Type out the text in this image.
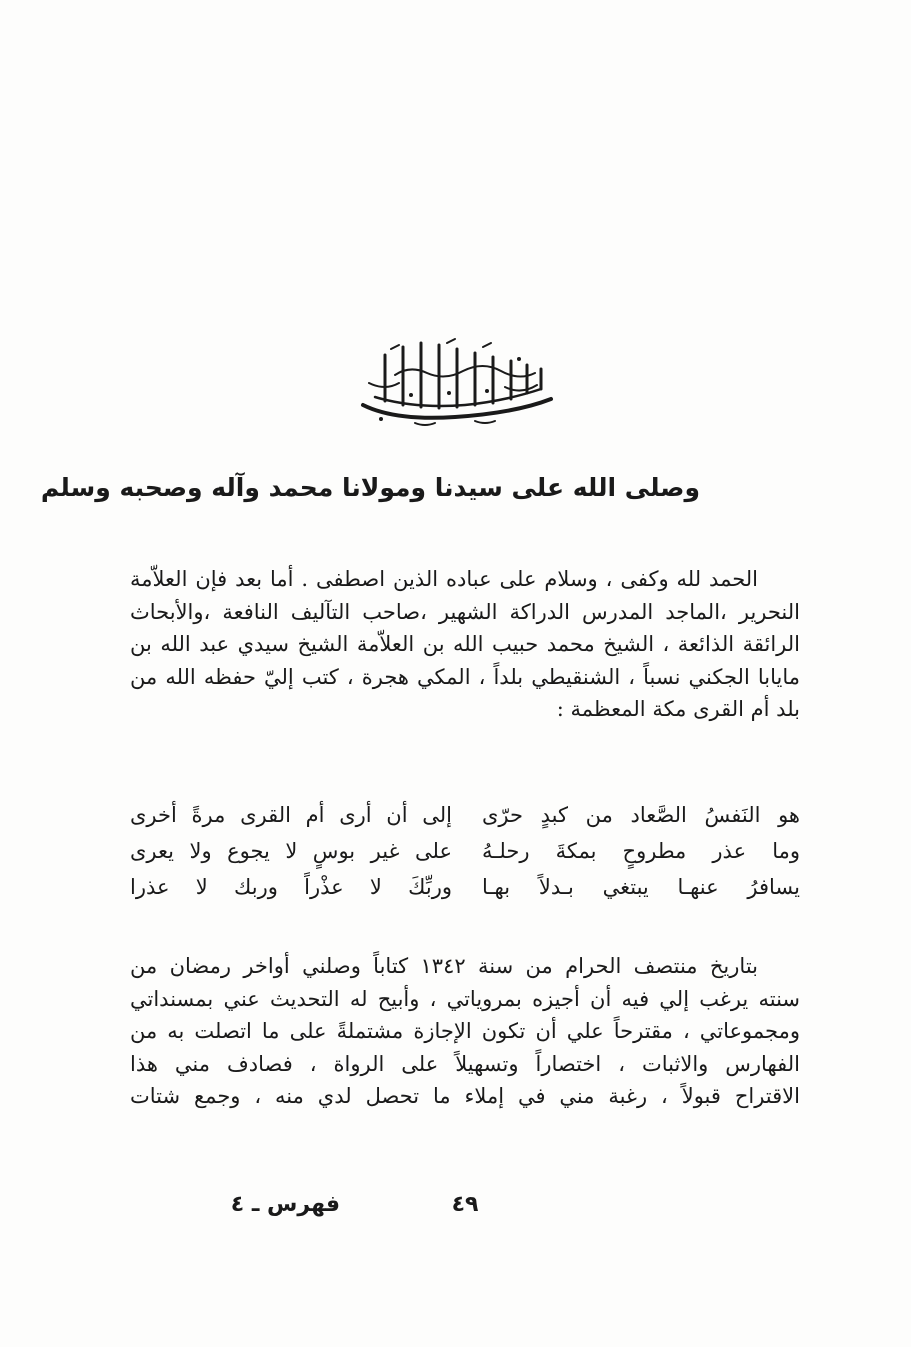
وصلى الله على سيدنا ومولانا محمد وآله وصحبه وسلم
الحمد لله وكفى ، وسلام على عباده الذين اصطفى . أما بعد فإن العلاّمة
النحرير ،الماجد المدرس الدراكة الشهير ،صاحب التآليف النافعة ،والأبحاث
الرائقة الذائعة ، الشيخ محمد حبيب الله بن العلاّمة الشيخ سيدي عبد الله بن
مايابا الجكني نسباً ، الشنقيطي بلداً ، المكي هجرة ، كتب إليّ حفظه الله من
بلد أم القرى مكة المعظمة :
هو النَفسُ الصَّعاد من كبدٍ حرّى
إلى أن أرى أم القرى مرةً أخرى
وما عذر مطروحٍ بمكةَ رحلـهُ
على غير بوسٍ لا يجوع ولا يعرى
يسافرُ عنهـا يبتغي بـدلاً بهـا
وربِّكَ لا عذْراً وربك لا عذرا
بتاريخ منتصف الحرام من سنة ١٣٤٢ كتاباً وصلني أواخر رمضان من
سنته يرغب إلي فيه أن أجيزه بمروياتي ، وأبيح له التحديث عني بمسنداتي
ومجموعاتي ، مقترحاً علي أن تكون الإجازة مشتملةً على ما اتصلت به من
الفهارس والاثبات ، اختصاراً وتسهيلاً على الرواة ، فصادف مني هذا
الاقتراح قبولاً ، رغبة مني في إملاء ما تحصل لدي منه ، وجمع شتات
فهرس ـ ٤	٤٩
